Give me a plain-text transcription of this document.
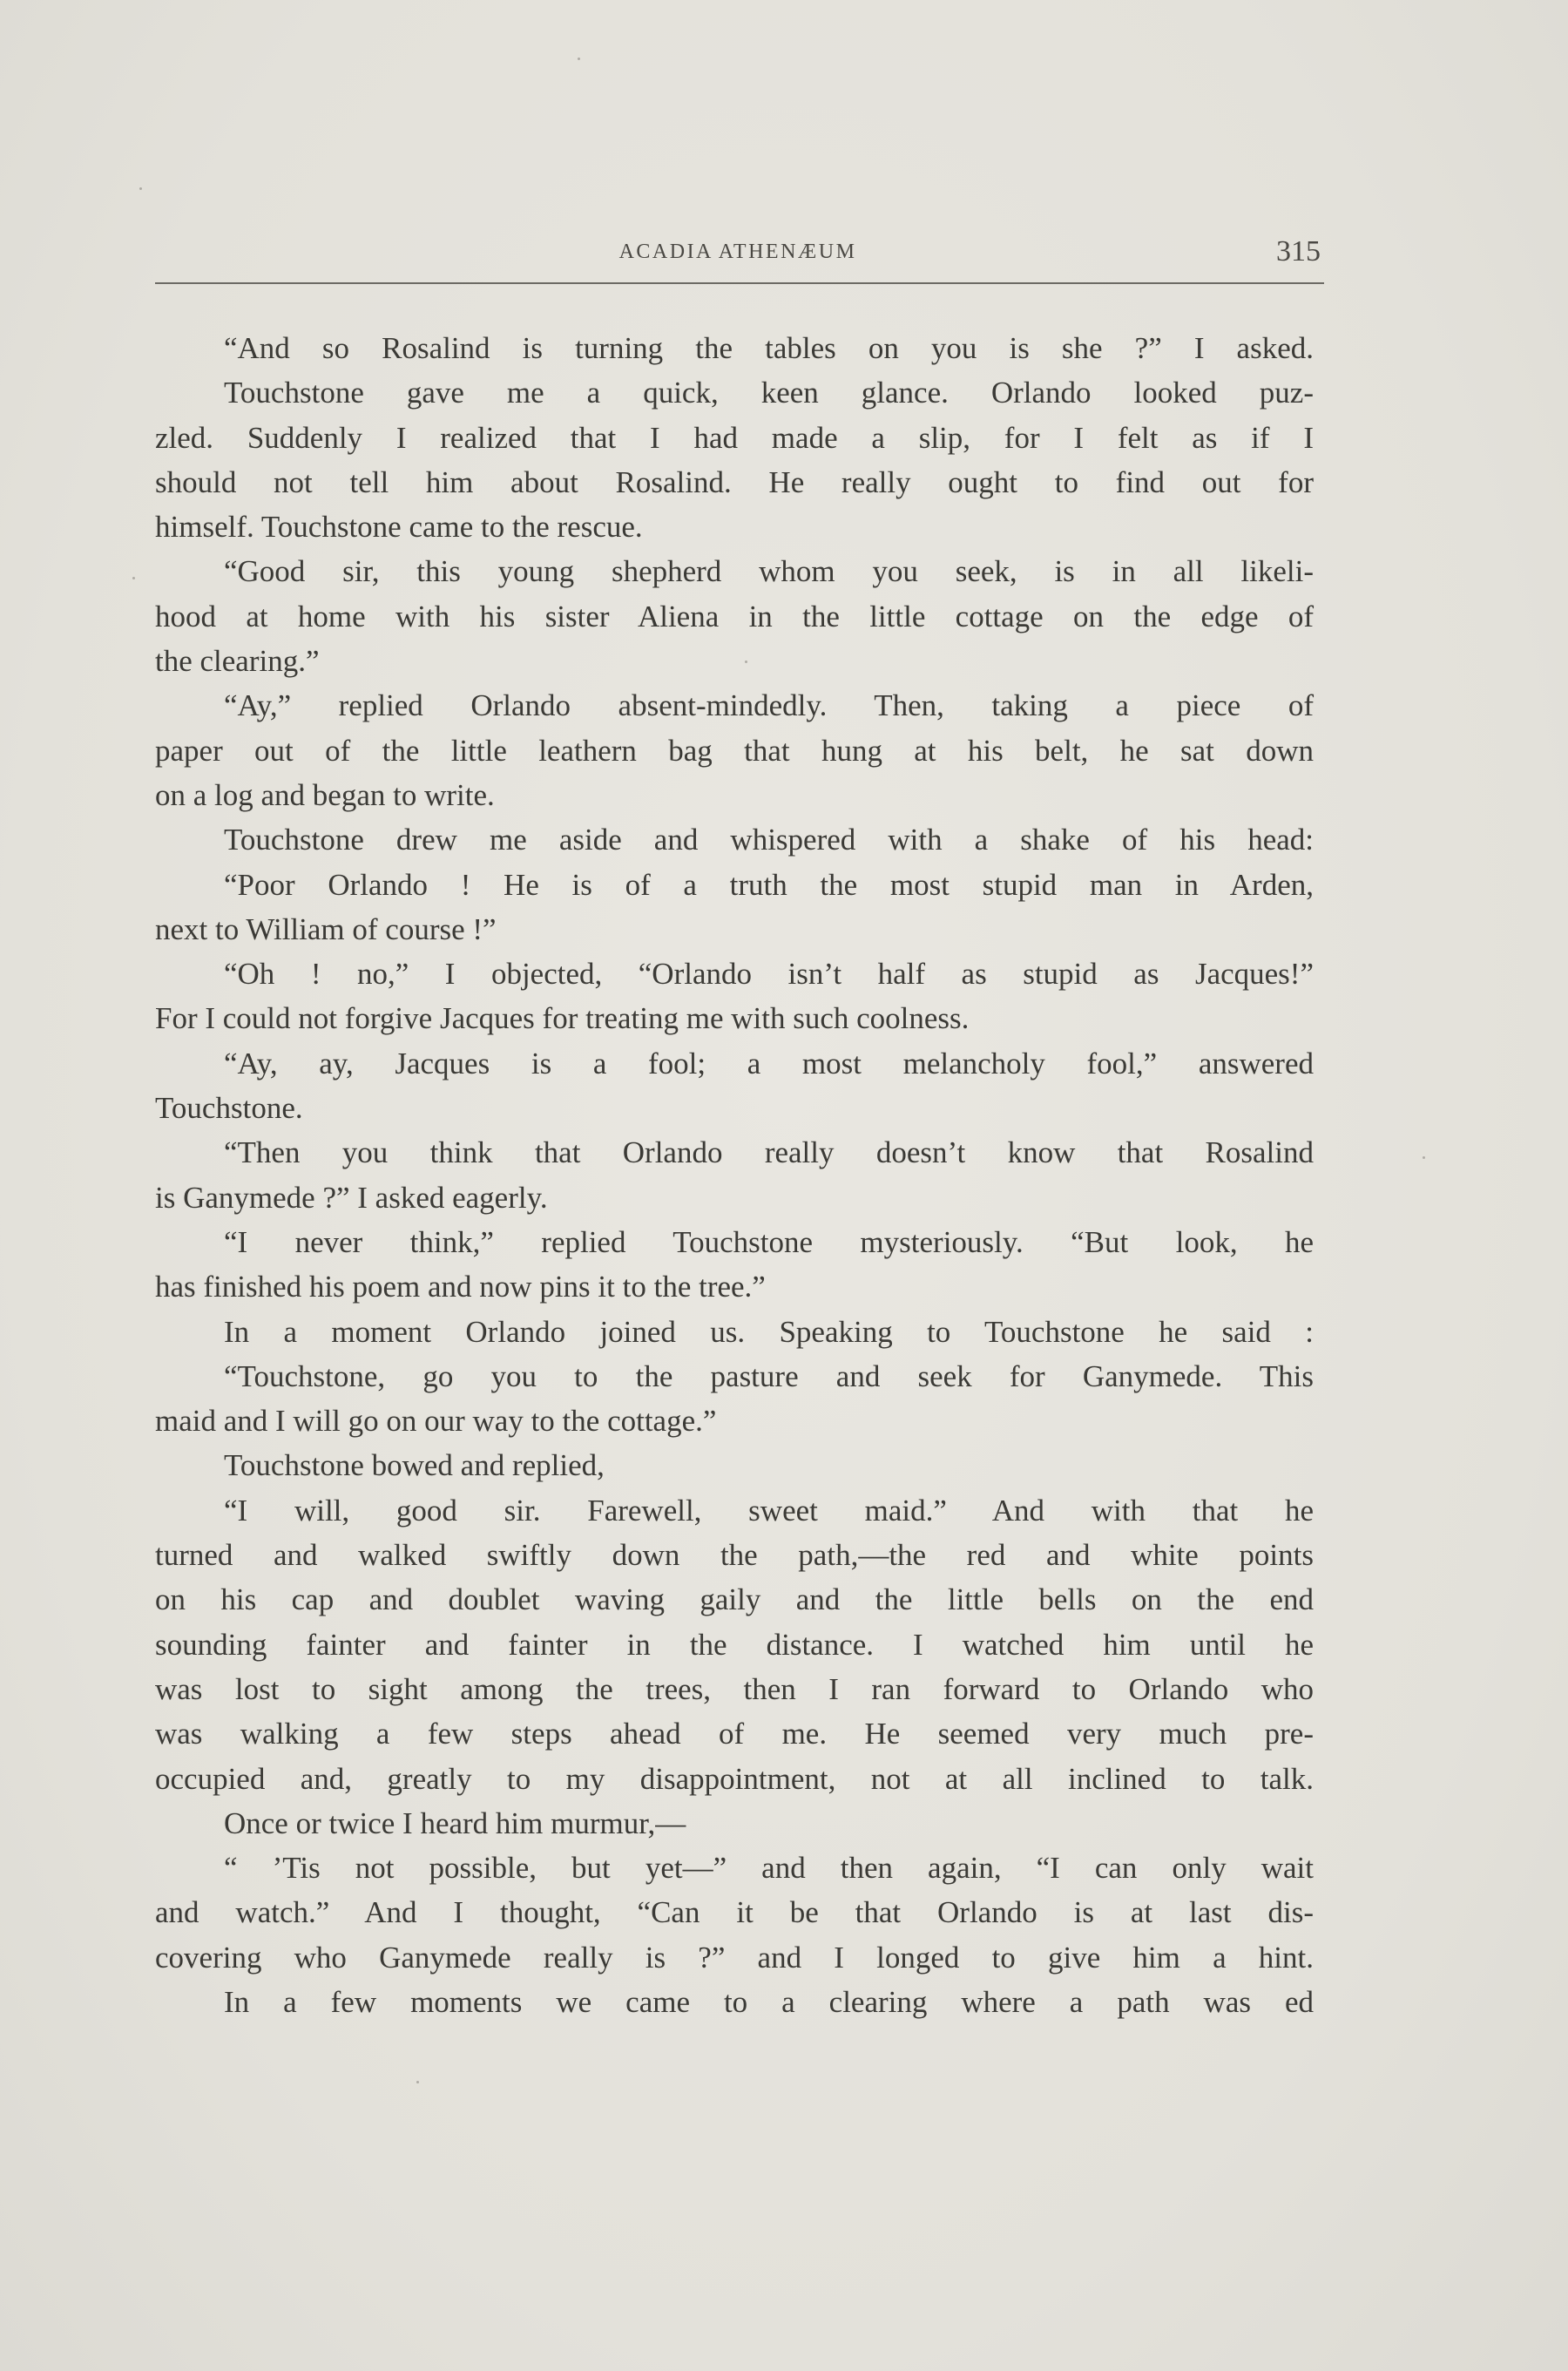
ACADIA ATHENÆUM	315
“And so Rosalind is turning the tables on you is she ?” I asked.
Touchstone gave me a quick, keen glance. Orlando looked puz-
zled. Suddenly I realized that I had made a slip, for I felt as if I
should not tell him about Rosalind. He really ought to find out for
himself. Touchstone came to the rescue.
“Good sir, this young shepherd whom you seek, is in all likeli-
hood at home with his sister Aliena in the little cottage on the edge of
the clearing.”
“Ay,” replied Orlando absent-mindedly. Then, taking a piece of
paper out of the little leathern bag that hung at his belt, he sat down
on a log and began to write.
Touchstone drew me aside and whispered with a shake of his head:
“Poor Orlando ! He is of a truth the most stupid man in Arden,
next to William of course !”
“Oh ! no,” I objected, “Orlando isn’t half as stupid as Jacques!”
For I could not forgive Jacques for treating me with such coolness.
“Ay, ay, Jacques is a fool; a most melancholy fool,” answered
Touchstone.
“Then you think that Orlando really doesn’t know that Rosalind
is Ganymede ?” I asked eagerly.
“I never think,” replied Touchstone mysteriously. “But look, he
has finished his poem and now pins it to the tree.”
In a moment Orlando joined us. Speaking to Touchstone he said :
“Touchstone, go you to the pasture and seek for Ganymede. This
maid and I will go on our way to the cottage.”
Touchstone bowed and replied,
“I will, good sir. Farewell, sweet maid.” And with that he
turned and walked swiftly down the path,—the red and white points
on his cap and doublet waving gaily and the little bells on the end
sounding fainter and fainter in the distance. I watched him until he
was lost to sight among the trees, then I ran forward to Orlando who
was walking a few steps ahead of me. He seemed very much pre-
occupied and, greatly to my disappointment, not at all inclined to talk.
Once or twice I heard him murmur,—
“ ’Tis not possible, but yet—” and then again, “I can only wait
and watch.” And I thought, “Can it be that Orlando is at last dis-
covering who Ganymede really is ?” and I longed to give him a hint.
In a few moments we came to a clearing where a path was ed
